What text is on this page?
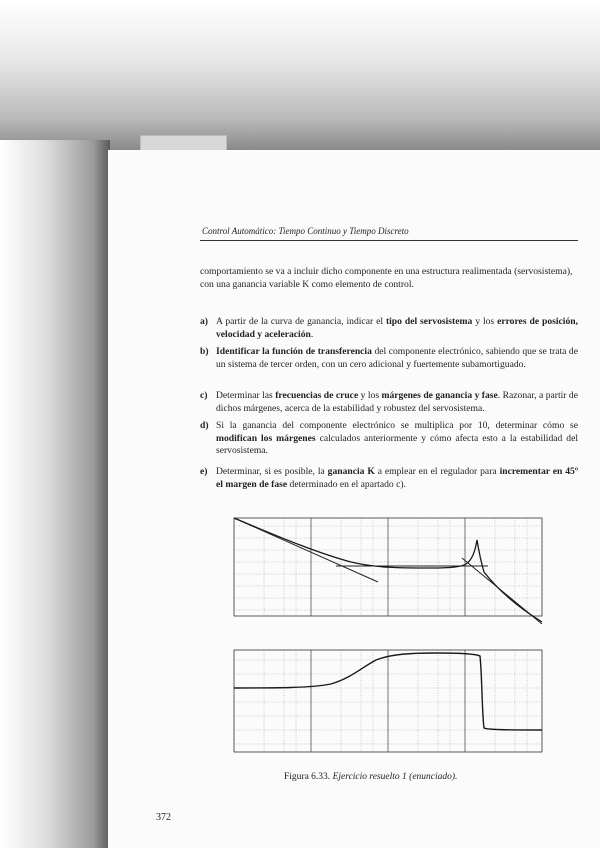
Control Automático: Tiempo Continuo y Tiempo Discreto
comportamiento se va a incluir dicho componente en una estructura realimentada (servosistema), con una ganancia variable K como elemento de control.
a) A partir de la curva de ganancia, indicar el tipo del servosistema y los errores de posición, velocidad y aceleración.
b) Identificar la función de transferencia del componente electrónico, sabiendo que se trata de un sistema de tercer orden, con un cero adicional y fuertemente subamortiguado.
c) Determinar las frecuencias de cruce y los márgenes de ganancia y fase. Razonar, a partir de dichos márgenes, acerca de la estabilidad y robustez del servosistema.
d) Si la ganancia del componente electrónico se multiplica por 10, determinar cómo se modifican los márgenes calculados anteriormente y cómo afecta esto a la estabilidad del servosistema.
e) Determinar, si es posible, la ganancia K a emplear en el regulador para incrementar en 45º el margen de fase determinado en el apartado c).
Figura 6.33. Ejercicio resuelto 1 (enunciado).
372
